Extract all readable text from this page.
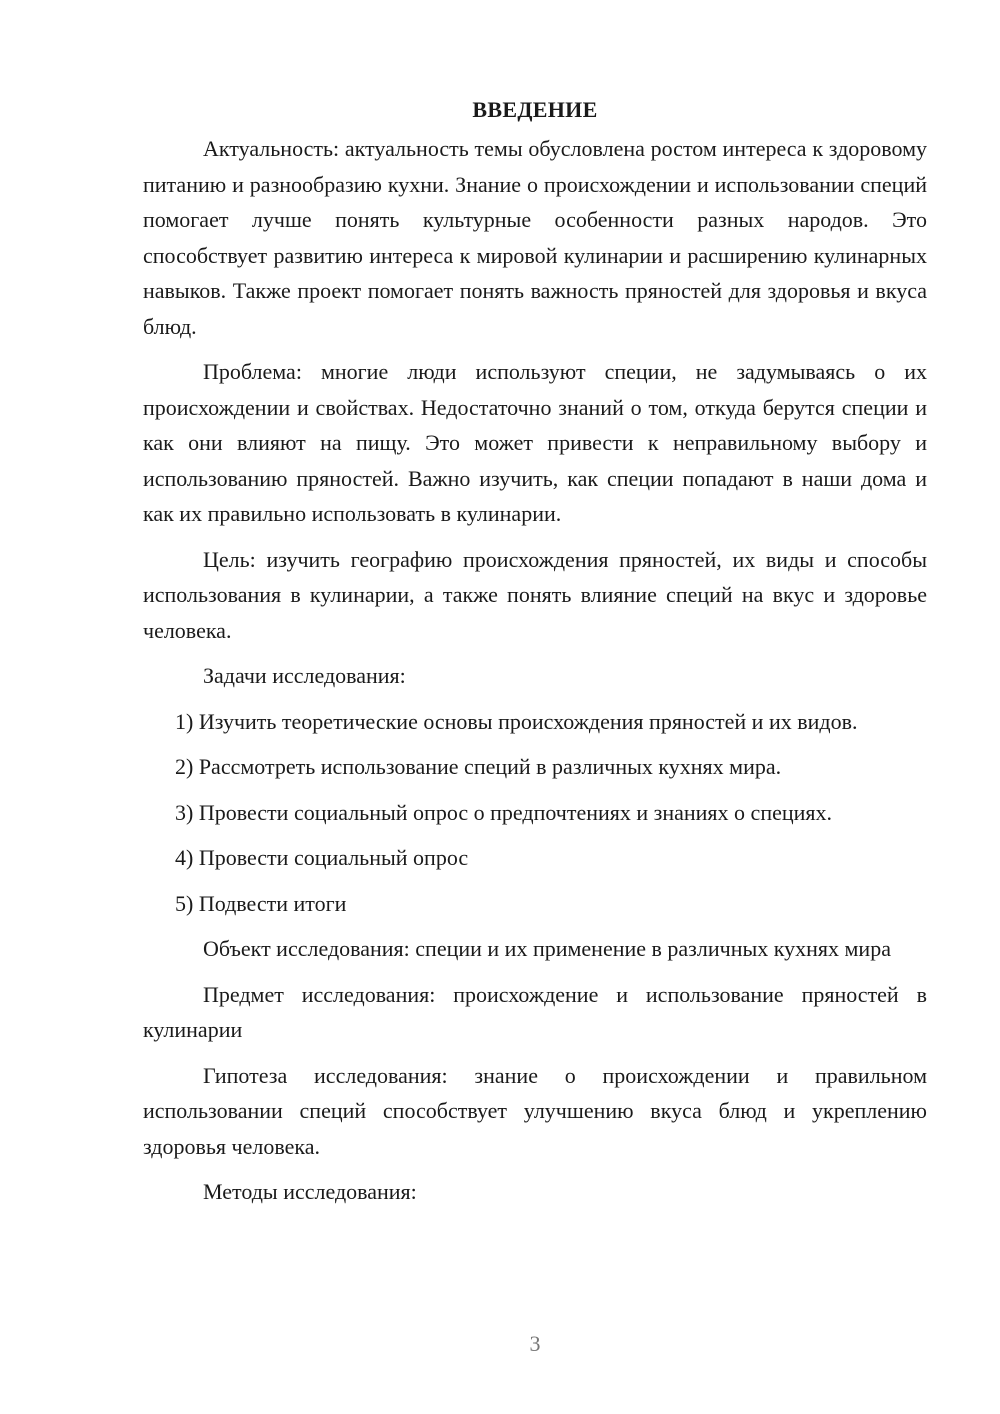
ВВЕДЕНИЕ

Актуальность: актуальность темы обусловлена ростом интереса к здоровому питанию и разнообразию кухни. Знание о происхождении и использовании специй помогает лучше понять культурные особенности разных народов. Это способствует развитию интереса к мировой кулинарии и расширению кулинарных навыков. Также проект помогает понять важность пряностей для здоровья и вкуса блюд.

Проблема: многие люди используют специи, не задумываясь о их происхождении и свойствах. Недостаточно знаний о том, откуда берутся специи и как они влияют на пищу. Это может привести к неправильному выбору и использованию пряностей. Важно изучить, как специи попадают в наши дома и как их правильно использовать в кулинарии.

Цель: изучить географию происхождения пряностей, их виды и способы использования в кулинарии, а также понять влияние специй на вкус и здоровье человека.

Задачи исследования:

1) Изучить теоретические основы происхождения пряностей и их видов.
2) Рассмотреть использование специй в различных кухнях мира.
3) Провести социальный опрос о предпочтениях и знаниях о специях.
4) Провести социальный опрос
5) Подвести итоги

Объект исследования: специи и их применение в различных кухнях мира

Предмет исследования: происхождение и использование пряностей в кулинарии

Гипотеза исследования: знание о происхождении и правильном использовании специй способствует улучшению вкуса блюд и укреплению здоровья человека.

Методы исследования:

3
